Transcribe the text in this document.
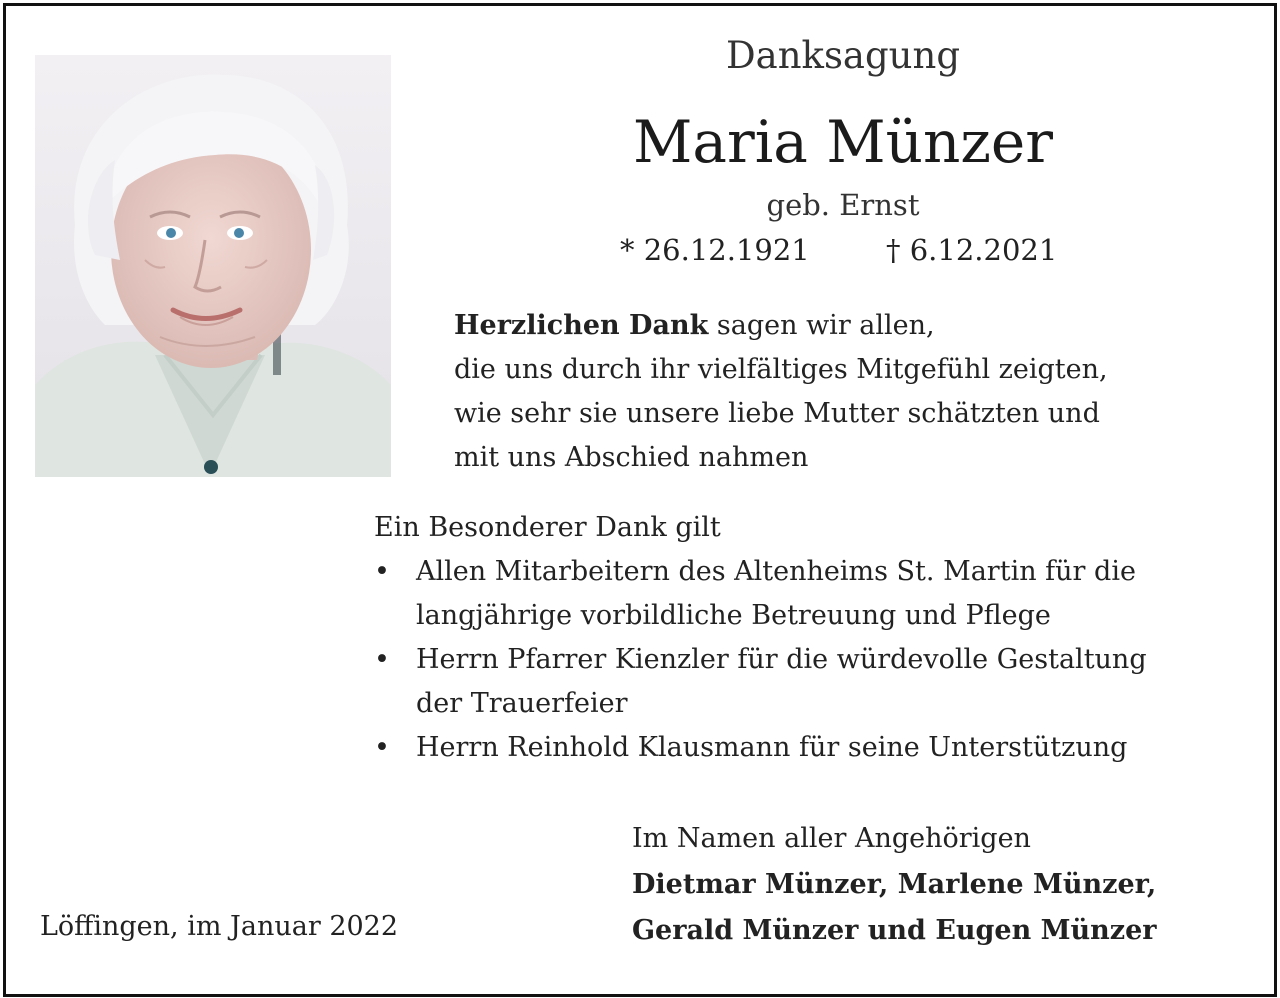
Danksagung
Maria Münzer
geb. Ernst
* 26.12.1921	† 6.12.2021
Herzlichen Dank sagen wir allen,
die uns durch ihr vielfältiges Mitgefühl zeigten,
wie sehr sie unsere liebe Mutter schätzten und
mit uns Abschied nahmen
Ein Besonderer Dank gilt
• Allen Mitarbeitern des Altenheims St. Martin für die
langjährige vorbildliche Betreuung und Pflege
• Herrn Pfarrer Kienzler für die würdevolle Gestaltung
der Trauerfeier
• Herrn Reinhold Klausmann für seine Unterstützung
Im Namen aller Angehörigen
Dietmar Münzer, Marlene Münzer,
Gerald Münzer und Eugen Münzer
Löffingen, im Januar 2022
